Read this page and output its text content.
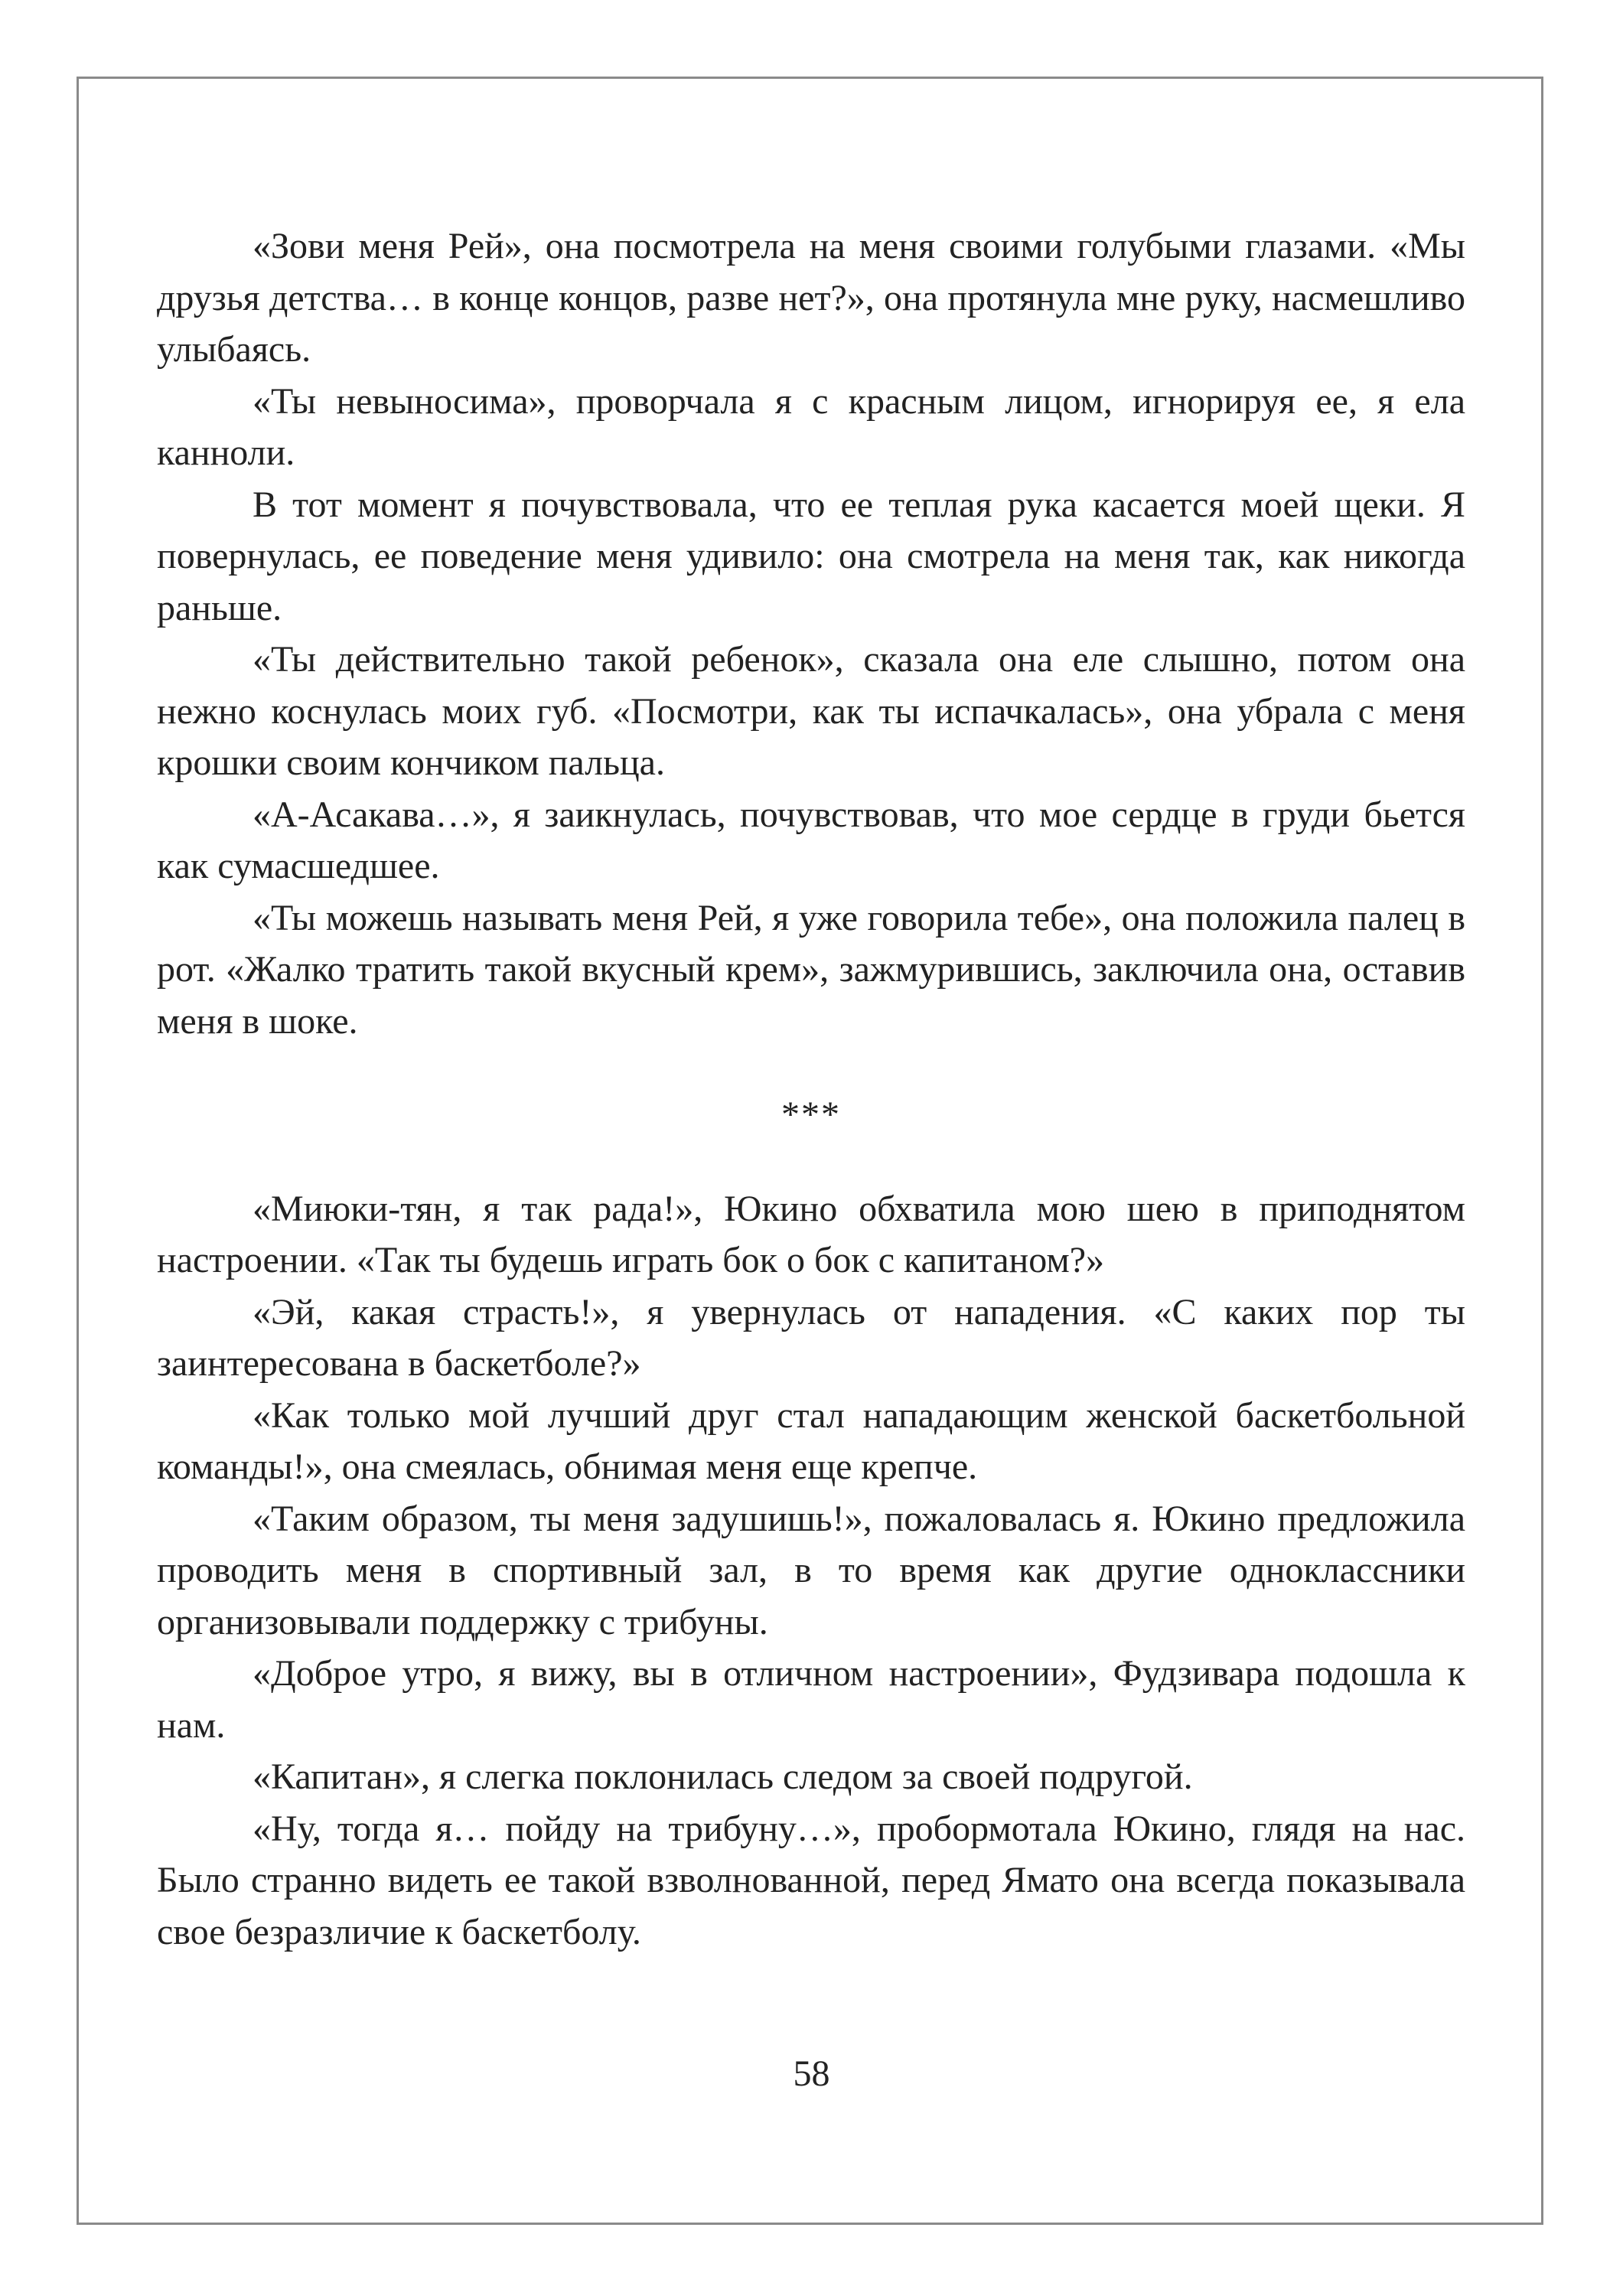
«Зови меня Рей», она посмотрела на меня своими голубыми глазами. «Мы друзья детства… в конце концов, разве нет?», она протянула мне руку, насмешливо улыбаясь.

«Ты невыносима», проворчала я с красным лицом, игнорируя ее, я ела канноли.

В тот момент я почувствовала, что ее теплая рука касается моей щеки. Я повернулась, ее поведение меня удивило: она смотрела на меня так, как никогда раньше.

«Ты действительно такой ребенок», сказала она еле слышно, потом она нежно коснулась моих губ. «Посмотри, как ты испачкалась», она убрала с меня крошки своим кончиком пальца.

«А-Асакава…», я заикнулась, почувствовав, что мое сердце в груди бьется как сумасшедшее.

«Ты можешь называть меня Рей, я уже говорила тебе», она положила палец в рот. «Жалко тратить такой вкусный крем», зажмурившись, заключила она, оставив меня в шоке.

***

«Миюки-тян, я так рада!», Юкино обхватила мою шею в приподнятом настроении. «Так ты будешь играть бок о бок с капитаном?»

«Эй, какая страсть!», я увернулась от нападения. «С каких пор ты заинтересована в баскетболе?»

«Как только мой лучший друг стал нападающим женской баскетбольной команды!», она смеялась, обнимая меня еще крепче.

«Таким образом, ты меня задушишь!», пожаловалась я. Юкино предложила проводить меня в спортивный зал, в то время как другие одноклассники организовывали поддержку с трибуны.

«Доброе утро, я вижу, вы в отличном настроении», Фудзивара подошла к нам.

«Капитан», я слегка поклонилась следом за своей подругой.

«Ну, тогда я… пойду на трибуну…», пробормотала Юкино, глядя на нас. Было странно видеть ее такой взволнованной, перед Ямато она всегда показывала свое безразличие к баскетболу.

58
